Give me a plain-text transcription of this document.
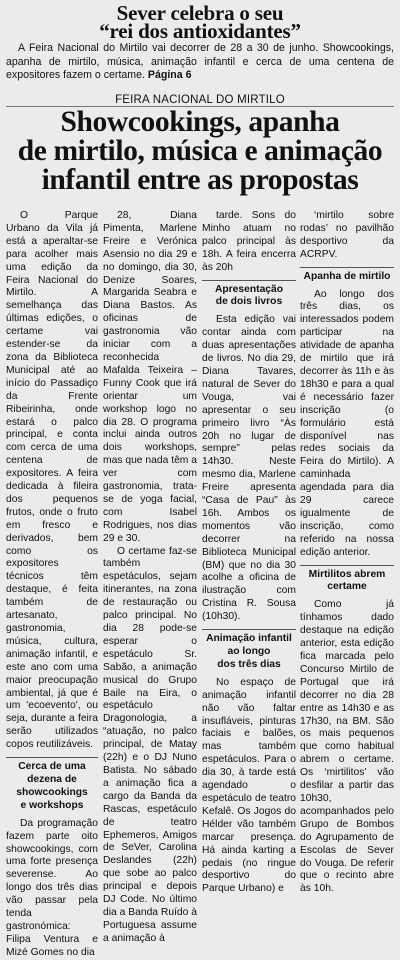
Sever celebra o seu
“rei dos antioxidantes”
A Feira Nacional do Mirtilo vai decorrer de 28 a 30 de junho. Showcookings, apanha de mirtilo, música, animação infantil e cerca de uma centena de expositores fazem o certame. Página 6
FEIRA NACIONAL DO MIRTILO
Showcookings, apanha
de mirtilo, música e animação
infantil entre as propostas

O Parque Urbano da Vila já está a aperaltar-se para acolher mais uma edição da Feira Nacional do Mirtilo. A semelhança das últimas edições, o certame vai estender-se da zona da Biblioteca Municipal até ao início do Passadiço da Frente Ribeirinha, onde estará o palco principal, e conta com cerca de uma centena de expositores. A feira dedicada à fileira dos pequenos frutos, onde o fruto em fresco e derivados, bem como os expositores técnicos têm destaque, é feita também de artesanato, gastronomia, música, cultura, animação infantil, e este ano com uma maior preocupação ambiental, já que é um 'ecoevento', ou seja, durante a feira serão utilizados copos reutilizáveis.

Cerca de uma
dezena de
showcookings
e workshops

Da programação fazem parte oito showcookings, com uma forte presença severense. Ao longo dos três dias vão passar pela tenda gastronómica: Filipa Ventura e Mizé Gomes no dia

28, Diana Pimenta, Marlene Freire e Verónica Asensio no dia 29 e no domingo, dia 30, Denize Soares, Margarida Seabra e Diana Bastos. As oficinas de gastronomia vão iniciar com a reconhecida Mafalda Teixeira – Funny Cook que irá orientar um workshop logo no dia 28. O programa inclui ainda outros dois workshops, mas que nada têm a ver com gastronomia, trata-se de yoga facial, com Isabel Rodrigues, nos dias 29 e 30.

O certame faz-se também espetáculos, sejam itinerantes, na zona de restauração ou palco principal. No dia 28 pode-se esperar o espetáculo Sr. Sabão, a animação musical do Grupo Baile na Eira, o espetáculo Dragonologia, a “atuação, no palco principal, de Matay (22h) e o DJ Nuno Batista. No sábado a animação fica a cargo da Banda da Rascas, espetáculo de teatro Ephemeros, Amigos de SeVer, Carolina Deslandes (22h) que sobe ao palco principal e depois DJ Code. No último dia a Banda Ruído à Portuguesa assume a animação à

tarde. Sons do Minho atuam no palco principal às 18h. A feira encerra às 20h

Apresentação
de dois livros

Esta edição vai contar ainda com duas apresentações de livros. No dia 29, Diana Tavares, natural de Sever do Vouga, vai apresentar o seu primeiro livro “Às 20h no lugar de sempre” pelas 14h30. Neste mesmo dia, Marlene Freire apresenta “Casa de Pau” às 16h. Ambos os momentos vão decorrer na Biblioteca Municipal (BM) que no dia 30 acolhe a oficina de ilustração com Cristina R. Sousa (10h30).

Animação infantil
ao longo
dos três dias

No espaço de animação infantil não vão faltar insufláveis, pinturas faciais e balões, mas também espetáculos. Para o dia 30, à tarde está agendado o espetáculo de teatro Kefalê. Os Jogos do Hélder vão também marcar presença. Há ainda karting a pedais (no ringue desportivo do Parque Urbano) e

‘mirtilo sobre rodas’ no pavilhão desportivo da ACRPV.

Apanha de mirtilo

Ao longo dos três dias, os interessados podem participar na atividade de apanha de mirtilo que irá decorrer às 11h e às 18h30 e para a qual é necessário fazer inscrição (o formulário está disponível nas redes sociais da Feira do Mirtilo). A caminhada agendada para dia 29 carece igualmente de inscrição, como referido na nossa edição anterior.

Mirtilitos abrem
certame

Como já tínhamos dado destaque na edição anterior, esta edição fica marcada pelo Concurso Mirtilo de Portugal que irá decorrer no dia 28 entre as 14h30 e as 17h30, na BM. São os mais pequenos que como habitual abrem o certame. Os ‘mirtilitos’ vão desfilar a partir das 10h30, acompanhados pelo Grupo de Bombos do Agrupamento de Escolas de Sever do Vouga. De referir que o recinto abre às 10h.
